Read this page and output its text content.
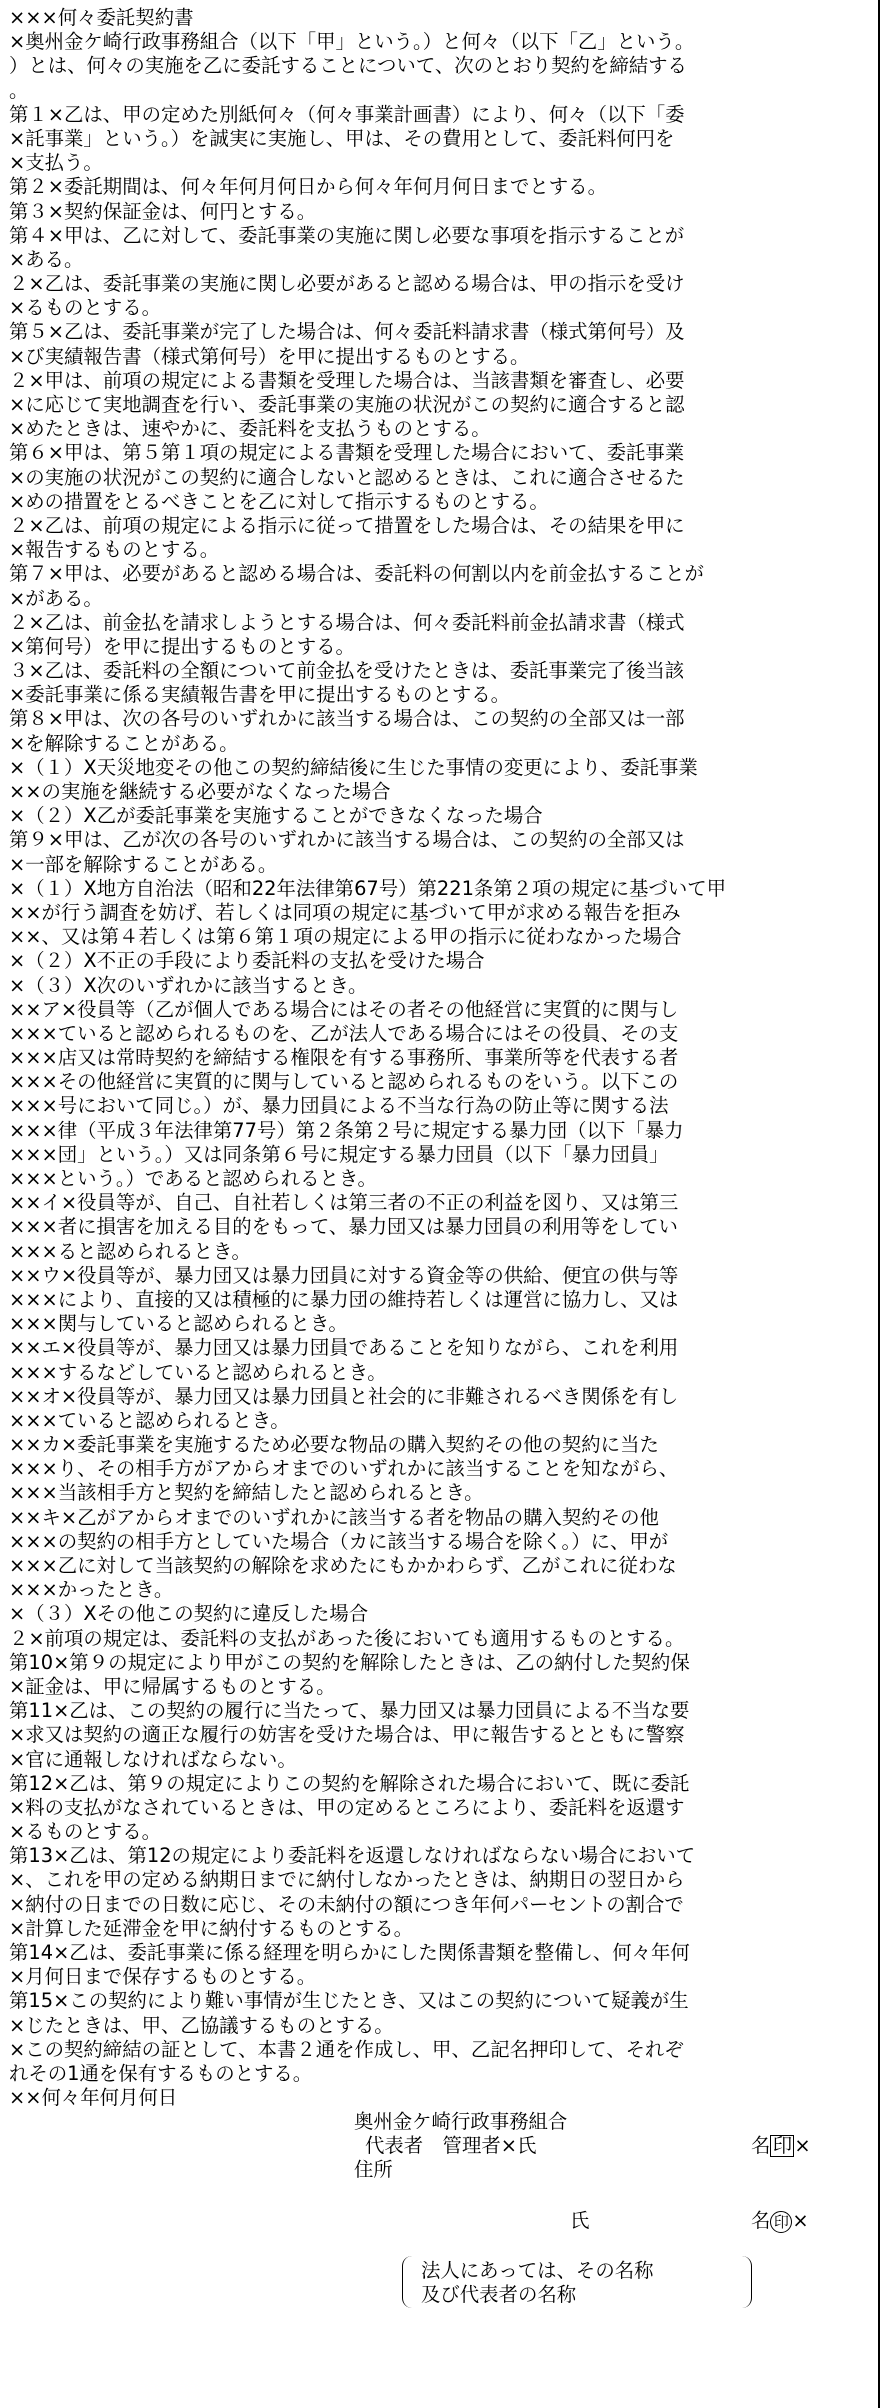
×××何々委託契約書
×奥州金ケ崎行政事務組合（以下「甲」という。）と何々（以下「乙」という。
）とは、何々の実施を乙に委託することについて、次のとおり契約を締結する
。
第１×乙は、甲の定めた別紙何々（何々事業計画書）により、何々（以下「委
×託事業」という。）を誠実に実施し、甲は、その費用として、委託料何円を
×支払う。
第２×委託期間は、何々年何月何日から何々年何月何日までとする。
第３×契約保証金は、何円とする。
第４×甲は、乙に対して、委託事業の実施に関し必要な事項を指示することが
×ある。
２×乙は、委託事業の実施に関し必要があると認める場合は、甲の指示を受け
×るものとする。
第５×乙は、委託事業が完了した場合は、何々委託料請求書（様式第何号）及
×び実績報告書（様式第何号）を甲に提出するものとする。
２×甲は、前項の規定による書類を受理した場合は、当該書類を審査し、必要
×に応じて実地調査を行い、委託事業の実施の状況がこの契約に適合すると認
×めたときは、速やかに、委託料を支払うものとする。
第６×甲は、第５第１項の規定による書類を受理した場合において、委託事業
×の実施の状況がこの契約に適合しないと認めるときは、これに適合させるた
×めの措置をとるべきことを乙に対して指示するものとする。
２×乙は、前項の規定による指示に従って措置をした場合は、その結果を甲に
×報告するものとする。
第７×甲は、必要があると認める場合は、委託料の何割以内を前金払することが
×がある。
２×乙は、前金払を請求しようとする場合は、何々委託料前金払請求書（様式
×第何号）を甲に提出するものとする。
３×乙は、委託料の全額について前金払を受けたときは、委託事業完了後当該
×委託事業に係る実績報告書を甲に提出するものとする。
第８×甲は、次の各号のいずれかに該当する場合は、この契約の全部又は一部
×を解除することがある。
×（１）X天災地変その他この契約締結後に生じた事情の変更により、委託事業
××の実施を継続する必要がなくなった場合
×（２）X乙が委託事業を実施することができなくなった場合
第９×甲は、乙が次の各号のいずれかに該当する場合は、この契約の全部又は
×一部を解除することがある。
×（１）X地方自治法（昭和22年法律第67号）第221条第２項の規定に基づいて甲
××が行う調査を妨げ、若しくは同項の規定に基づいて甲が求める報告を拒み
××、又は第４若しくは第６第１項の規定による甲の指示に従わなかった場合
×（２）X不正の手段により委託料の支払を受けた場合
×（３）X次のいずれかに該当するとき。
××ア×役員等（乙が個人である場合にはその者その他経営に実質的に関与し
×××ていると認められるものを、乙が法人である場合にはその役員、その支
×××店又は常時契約を締結する権限を有する事務所、事業所等を代表する者
×××その他経営に実質的に関与していると認められるものをいう。以下この
×××号において同じ。）が、暴力団員による不当な行為の防止等に関する法
×××律（平成３年法律第77号）第２条第２号に規定する暴力団（以下「暴力
×××団」という。）又は同条第６号に規定する暴力団員（以下「暴力団員」
×××という。）であると認められるとき。
××イ×役員等が、自己、自社若しくは第三者の不正の利益を図り、又は第三
×××者に損害を加える目的をもって、暴力団又は暴力団員の利用等をしてい
×××ると認められるとき。
××ウ×役員等が、暴力団又は暴力団員に対する資金等の供給、便宜の供与等
×××により、直接的又は積極的に暴力団の維持若しくは運営に協力し、又は
×××関与していると認められるとき。
××エ×役員等が、暴力団又は暴力団員であることを知りながら、これを利用
×××するなどしていると認められるとき。
××オ×役員等が、暴力団又は暴力団員と社会的に非難されるべき関係を有し
×××ていると認められるとき。
××カ×委託事業を実施するため必要な物品の購入契約その他の契約に当た
×××り、その相手方がアからオまでのいずれかに該当することを知ながら、
×××当該相手方と契約を締結したと認められるとき。
××キ×乙がアからオまでのいずれかに該当する者を物品の購入契約その他
×××の契約の相手方としていた場合（カに該当する場合を除く。）に、甲が
×××乙に対して当該契約の解除を求めたにもかかわらず、乙がこれに従わな
×××かったとき。
×（３）Xその他この契約に違反した場合
２×前項の規定は、委託料の支払があった後においても適用するものとする。
第10×第９の規定により甲がこの契約を解除したときは、乙の納付した契約保
×証金は、甲に帰属するものとする。
第11×乙は、この契約の履行に当たって、暴力団又は暴力団員による不当な要
×求又は契約の適正な履行の妨害を受けた場合は、甲に報告するとともに警察
×官に通報しなければならない。
第12×乙は、第９の規定によりこの契約を解除された場合において、既に委託
×料の支払がなされているときは、甲の定めるところにより、委託料を返還す
×るものとする。
第13×乙は、第12の規定により委託料を返還しなければならない場合において
×、これを甲の定める納期日までに納付しなかったときは、納期日の翌日から
×納付の日までの日数に応じ、その未納付の額につき年何パーセントの割合で
×計算した延滞金を甲に納付するものとする。
第14×乙は、委託事業に係る経理を明らかにした関係書類を整備し、何々年何
×月何日まで保存するものとする。
第15×この契約により難い事情が生じたとき、又はこの契約について疑義が生
×じたときは、甲、乙協議するものとする。
×この契約締結の証として、本書２通を作成し、甲、乙記名押印して、それぞ
れその1通を保有するものとする。
××何々年何月何日
奥州金ケ崎行政事務組合
代表者　管理者×氏	名 印 ×
住所
氏	名 印 ×

法人にあっては、その名称

及び代表者の名称
